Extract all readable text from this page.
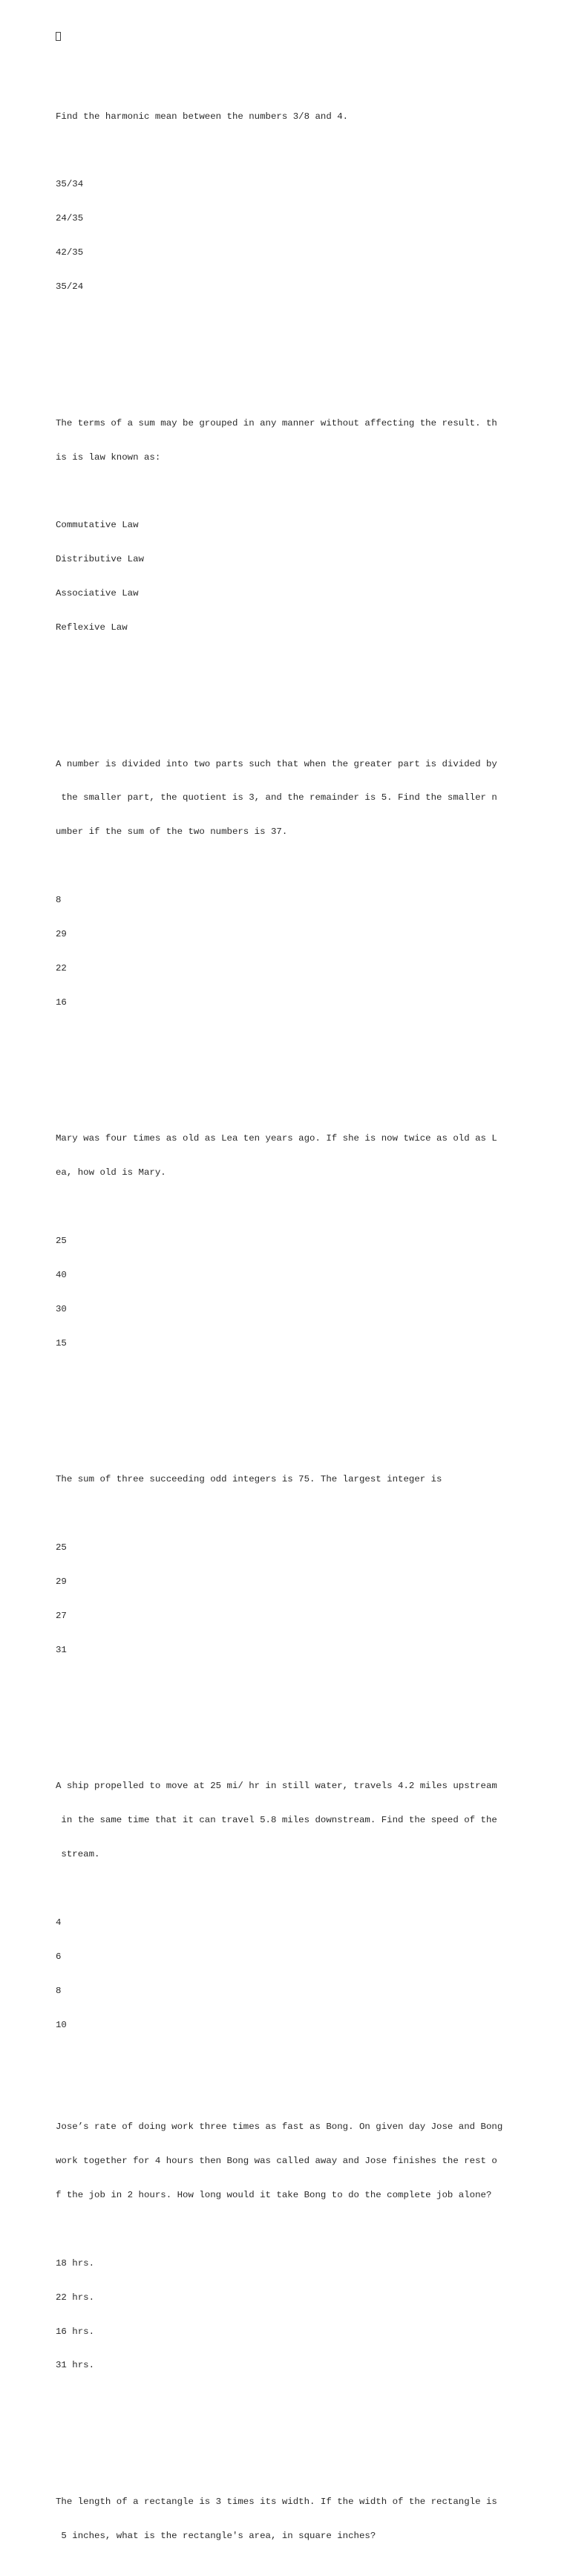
Find the harmonic mean between the numbers 3/8 and 4.

35/34

24/35

42/35

35/24

The terms of a sum may be grouped in any manner without affecting the result. th

is is law known as:

Commutative Law

Distributive Law

Associative Law

Reflexive Law

A number is divided into two parts such that when the greater part is divided by

the smaller part, the quotient is 3, and the remainder is 5. Find the smaller n

umber if the sum of the two numbers is 37.

8

29

22

16

Mary was four times as old as Lea ten years ago. If she is now twice as old as L

ea, how old is Mary.

25

40

30

15

The sum of three succeeding odd integers is 75. The largest integer is

25

29

27

31

A ship propelled to move at 25 mi/ hr in still water, travels 4.2 miles upstream

in the same time that it can travel 5.8 miles downstream. Find the speed of the

stream.

4

6

8

10

Jose’s rate of doing work three times as fast as Bong. On given day Jose and Bong

work together for 4 hours then Bong was called away and Jose finishes the rest o

f the job in 2 hours. How long would it take Bong to do the complete job alone?

18 hrs.

22 hrs.

16 hrs.

31 hrs.

The length of a rectangle is 3 times its width. If the width of the rectangle is

5 inches, what is the rectangle's area, in square inches?
